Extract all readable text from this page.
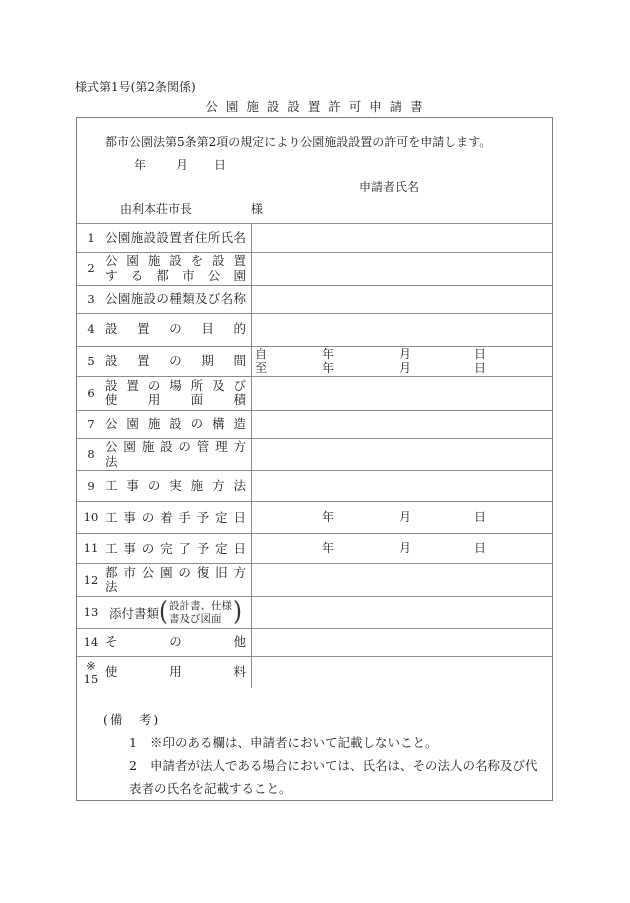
様式第1号(第2条関係)
公 園 施 設 設 置 許 可 申 請 書
都市公園法第5条第2項の規定により公園施設設置の許可を申請します。
年 月 日
申請者氏名
由利本荘市長	様
1 公園施設設置者住所氏名
2 公 園 施 設 を 設 置
す る 都 市 公 園
3 公園施設の種類及び名称
4 設 置 の 目 的
5 設 置 の 期 間 自	年	月	日
至	年	月	日
6 設 置 の 場 所 及 び
使 用 面 積
7 公 園 施 設 の 構 造
8 公 園 施 設 の 管 理 方 法
9 工 事 の 実 施 方 法
10 工 事 の 着 手 予 定 日	年	月	日
11 工 事 の 完 了 予 定 日	年	月	日
12 都 市 公 園 の 復 旧 方 法
13 添付書類 ( 設計書、仕様
書及び図面 )
14 そ の 他
※
15 使 用 料
(備　考)
1 ※印のある欄は、申請者において記載しないこと。
2 申請者が法人である場合においては、氏名は、その法人の名称及び代表者の氏名を記載すること。
